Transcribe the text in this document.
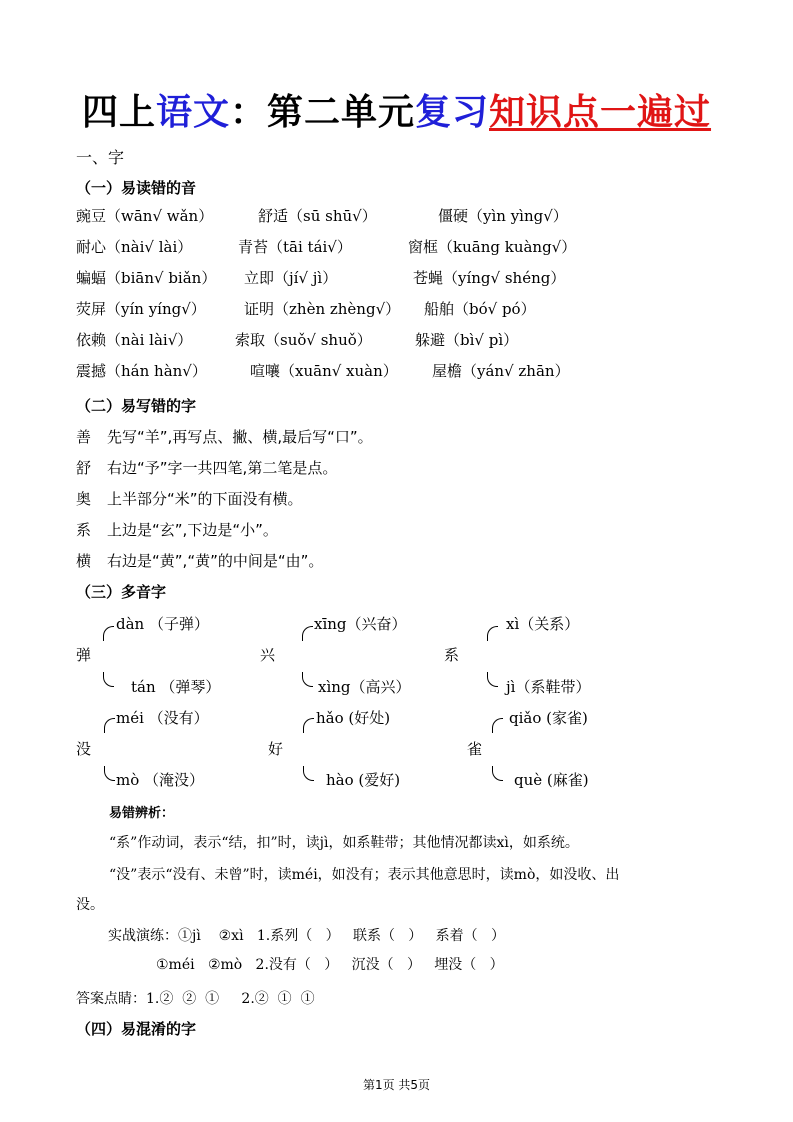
四上语文：第二单元复习知识点一遍过
一、字
（一）易读错的音
豌豆（wān√ wǎn）	舒适（sū shū√）	僵硬（yìn yìng√）
耐心（nài√ lài）	青苔（tāi tái√）	窗框（kuāng kuàng√）
蝙蝠（biān√ biǎn） 立即（jí√ jì）	苍蝇（yíng√ shéng）
荧屏（yín yíng√）	证明（zhèn zhèng√） 船舶（bó√ pó）
依赖（nài lài√）	索取（suǒ√ shuǒ）	躲避（bì√ pì）
震撼（hán hàn√）	喧嚷（xuān√ xuàn） 屋檐（yán√ zhān）
（二）易写错的字
善 先写“羊”,再写点、撇、横,最后写“口”。
舒 右边“予”字一共四笔,第二笔是点。
奥 上半部分“米”的下面没有横。
系 上边是“玄”,下边是“小”。
横 右边是“黄”,“黄”的中间是“由”。
（三）多音字
弹
dàn （子弹）
tán （弹琴）
兴
xīng（兴奋）
xìng（高兴）
系
xì（关系）
jì（系鞋带）
没
méi （没有）
mò （淹没）
好
hǎo (好处)
hào (爱好)
雀
qiǎo (家雀)
què (麻雀)
易错辨析：
“系”作动词，表示“结，扣”时，读jì，如系鞋带；其他情况都读xì，如系统。
“没”表示“没有、未曾”时，读méi，如没有；表示其他意思时，读mò，如没收、出
没。
实战演练：①jì    ②xì   1.系列（   ）   联系（   ）   系着（   ）
①méi   ②mò   2.没有（   ）   沉没（   ）   埋没（   ）
答案点睛：1.②  ②  ①     2.②  ①  ①
（四）易混淆的字
第1页 共5页
